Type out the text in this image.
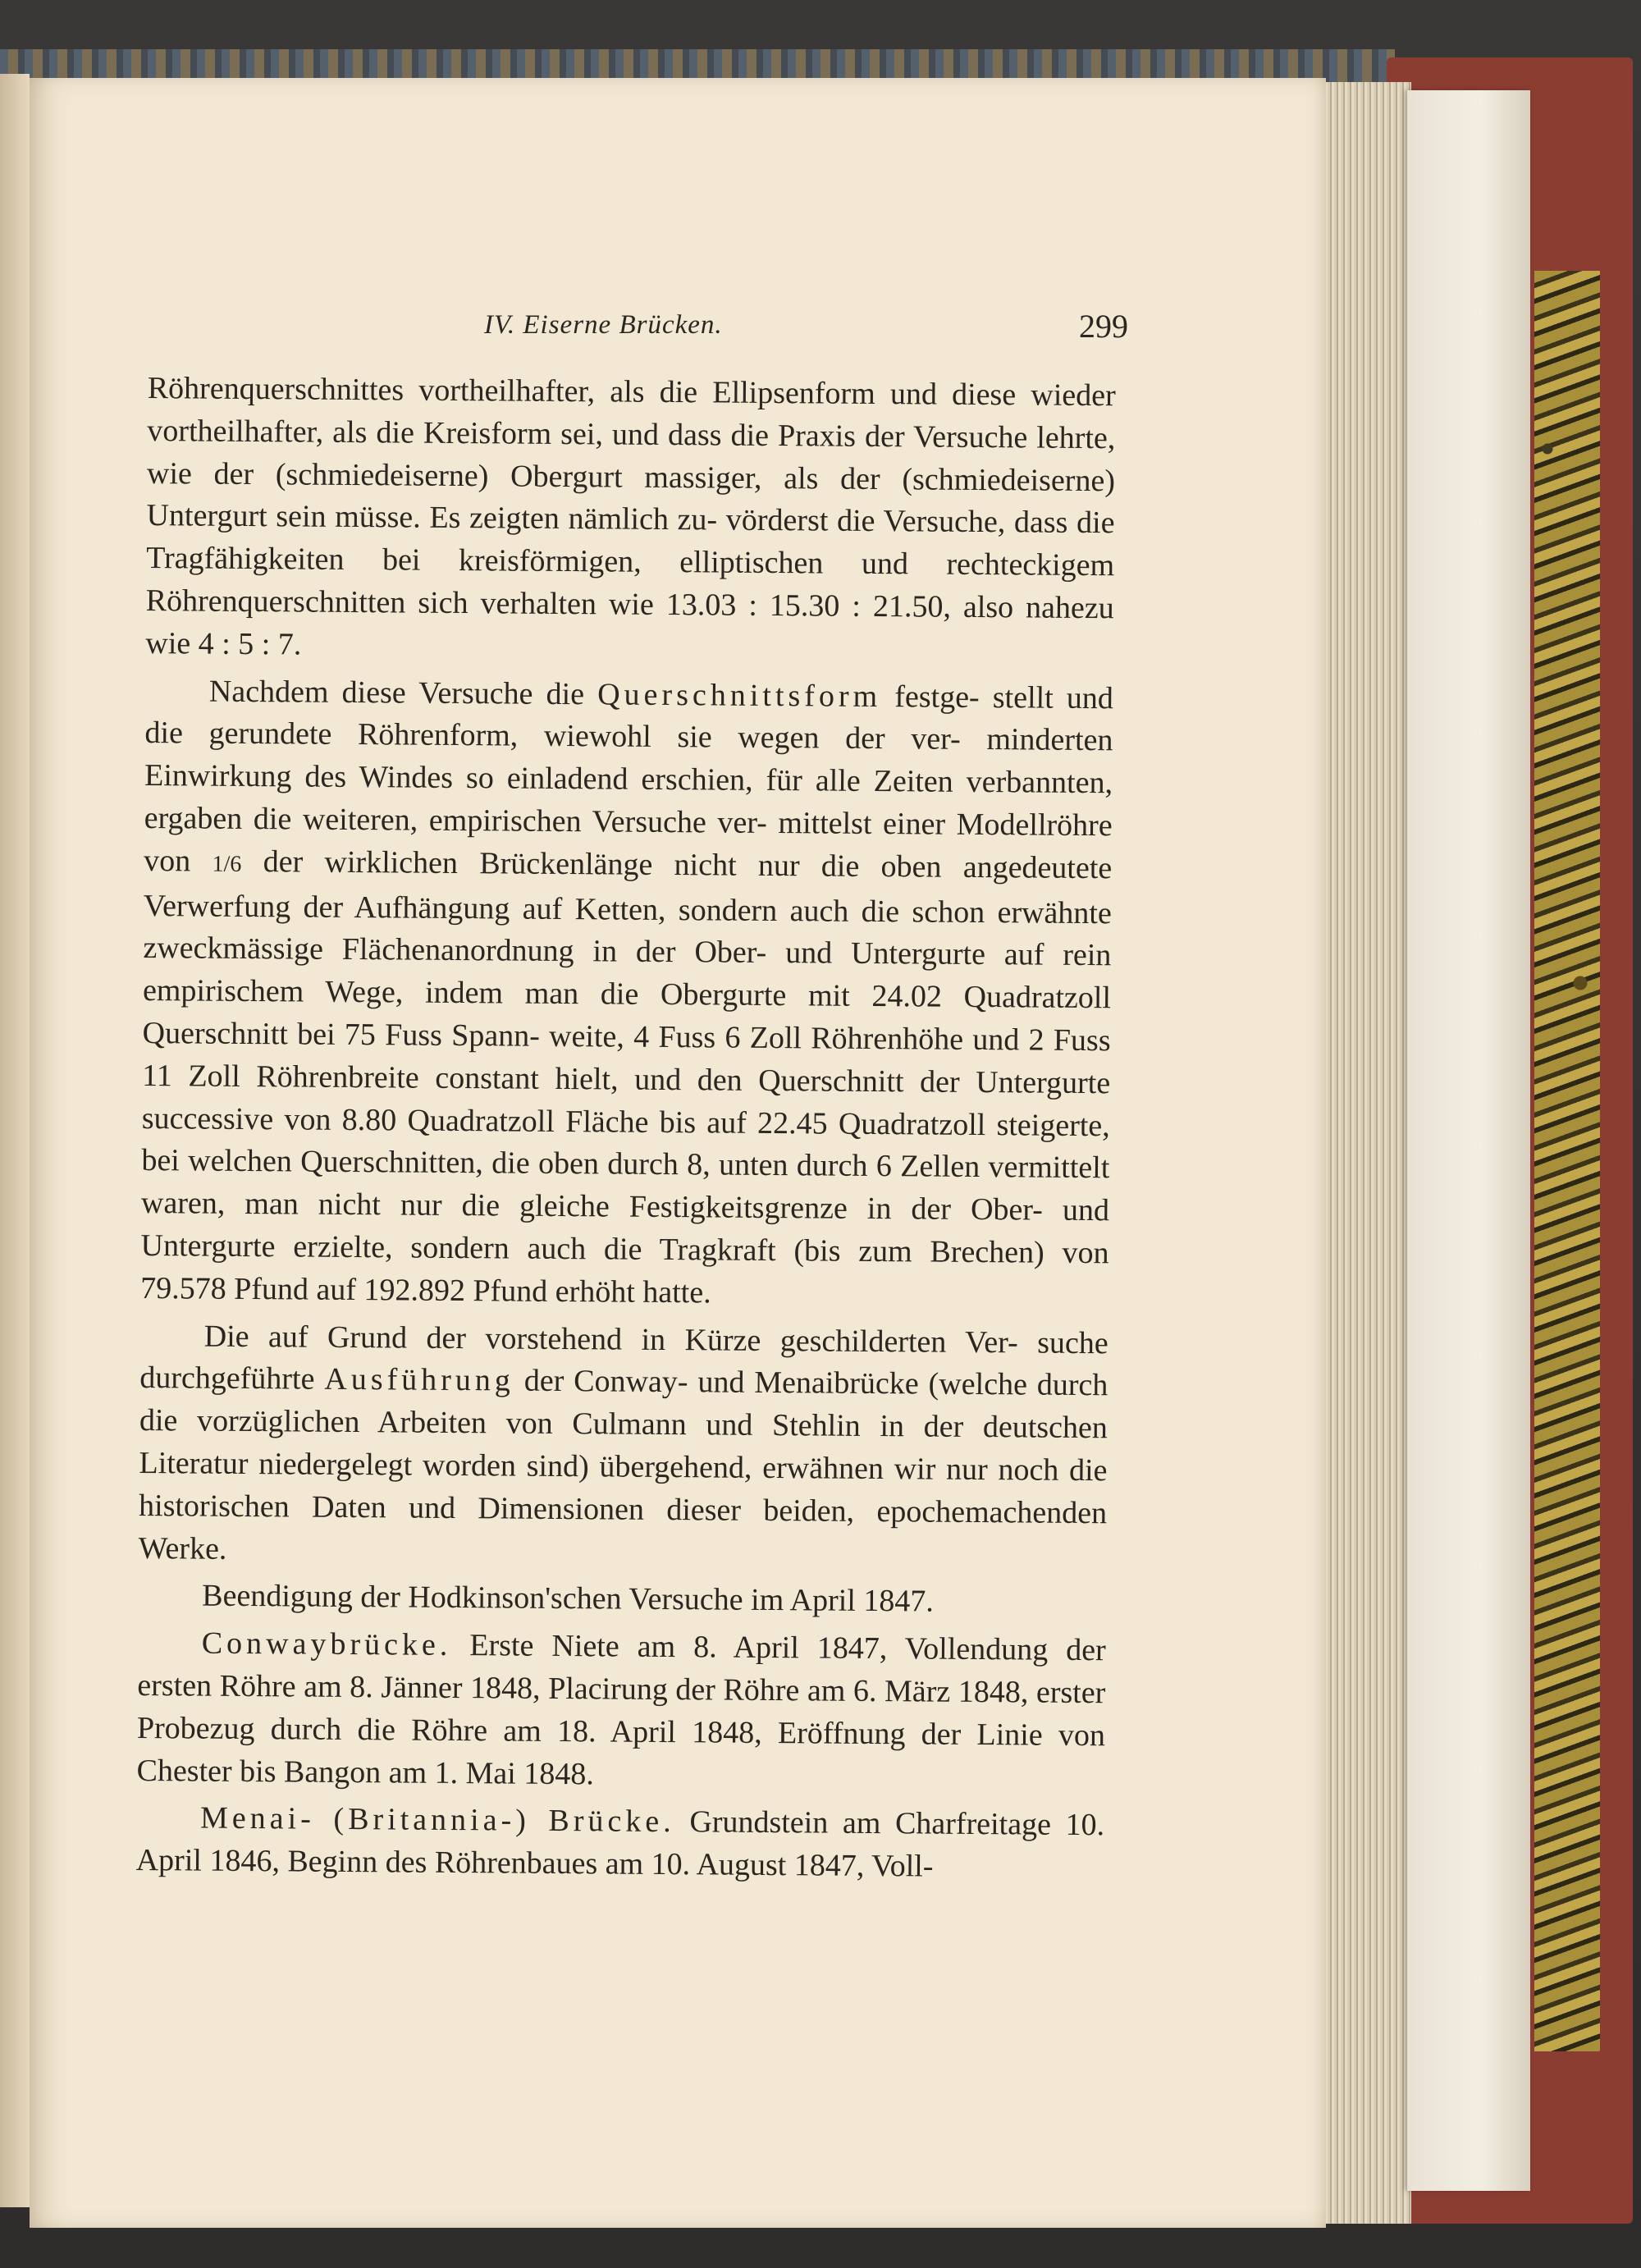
IV. Eiserne Brücken.	299

Röhrenquerschnittes vortheilhafter, als die Ellipsenform und diese wieder vortheilhafter, als die Kreisform sei, und dass die Praxis der Versuche lehrte, wie der (schmiedeiserne) Obergurt massiger, als der (schmiedeiserne) Untergurt sein müsse. Es zeigten nämlich zu- vörderst die Versuche, dass die Tragfähigkeiten bei kreisförmigen, elliptischen und rechteckigem Röhrenquerschnitten sich verhalten wie 13.03 : 15.30 : 21.50, also nahezu wie 4 : 5 : 7.

Nachdem diese Versuche die Querschnittsform festge- stellt und die gerundete Röhrenform, wiewohl sie wegen der ver- minderten Einwirkung des Windes so einladend erschien, für alle Zeiten verbannten, ergaben die weiteren, empirischen Versuche ver- mittelst einer Modellröhre von 1/6 der wirklichen Brückenlänge nicht nur die oben angedeutete Verwerfung der Aufhängung auf Ketten, sondern auch die schon erwähnte zweckmässige Flächenanordnung in der Ober- und Untergurte auf rein empirischem Wege, indem man die Obergurte mit 24.02 Quadratzoll Querschnitt bei 75 Fuss Spann- weite, 4 Fuss 6 Zoll Röhrenhöhe und 2 Fuss 11 Zoll Röhrenbreite constant hielt, und den Querschnitt der Untergurte successive von 8.80 Quadratzoll Fläche bis auf 22.45 Quadratzoll steigerte, bei welchen Querschnitten, die oben durch 8, unten durch 6 Zellen vermittelt waren, man nicht nur die gleiche Festigkeitsgrenze in der Ober- und Untergurte erzielte, sondern auch die Tragkraft (bis zum Brechen) von 79.578 Pfund auf 192.892 Pfund erhöht hatte.

Die auf Grund der vorstehend in Kürze geschilderten Ver- suche durchgeführte Ausführung der Conway- und Menaibrücke (welche durch die vorzüglichen Arbeiten von Culmann und Stehlin in der deutschen Literatur niedergelegt worden sind) übergehend, erwähnen wir nur noch die historischen Daten und Dimensionen dieser beiden, epochemachenden Werke.

Beendigung der Hodkinson'schen Versuche im April 1847.

Conwaybrücke. Erste Niete am 8. April 1847, Vollendung der ersten Röhre am 8. Jänner 1848, Placirung der Röhre am 6. März 1848, erster Probezug durch die Röhre am 18. April 1848, Eröffnung der Linie von Chester bis Bangon am 1. Mai 1848.

Menai- (Britannia-) Brücke. Grundstein am Charfreitage 10. April 1846, Beginn des Röhrenbaues am 10. August 1847, Voll-
